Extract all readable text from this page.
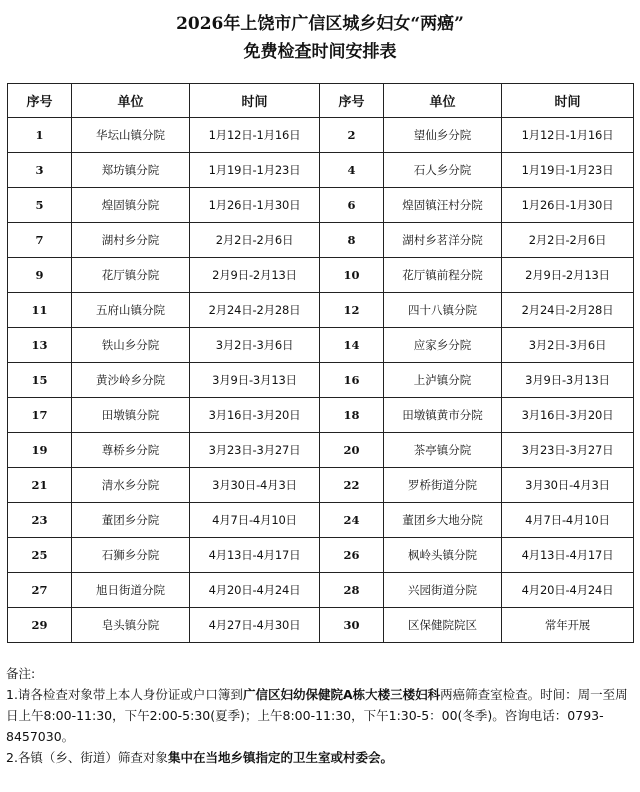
2026年上饶市广信区城乡妇女“两癌”
免费检查时间安排表
序号	单位	时间	序号	单位	时间
1	华坛山镇分院	1月12日-1月16日	2	望仙乡分院	1月12日-1月16日
3	郑坊镇分院	1月19日-1月23日	4	石人乡分院	1月19日-1月23日
5	煌固镇分院	1月26日-1月30日	6	煌固镇汪村分院	1月26日-1月30日
7	湖村乡分院	2月2日-2月6日	8	湖村乡茗洋分院	2月2日-2月6日
9	花厅镇分院	2月9日-2月13日	10	花厅镇前程分院	2月9日-2月13日
11	五府山镇分院	2月24日-2月28日	12	四十八镇分院	2月24日-2月28日
13	铁山乡分院	3月2日-3月6日	14	应家乡分院	3月2日-3月6日
15	黄沙岭乡分院	3月9日-3月13日	16	上泸镇分院	3月9日-3月13日
17	田墩镇分院	3月16日-3月20日	18	田墩镇黄市分院	3月16日-3月20日
19	尊桥乡分院	3月23日-3月27日	20	茶亭镇分院	3月23日-3月27日
21	清水乡分院	3月30日-4月3日	22	罗桥街道分院	3月30日-4月3日
23	董团乡分院	4月7日-4月10日	24	董团乡大地分院	4月7日-4月10日
25	石狮乡分院	4月13日-4月17日	26	枫岭头镇分院	4月13日-4月17日
27	旭日街道分院	4月20日-4月24日	28	兴园街道分院	4月20日-4月24日
29	皂头镇分院	4月27日-4月30日	30	区保健院院区	常年开展
备注:
1.请各检查对象带上本人身份证或户口簿到广信区妇幼保健院A栋大楼三楼妇科两癌筛查室检查。时间：周一至周日上午8:00-11:30，下午2:00-5:30(夏季)；上午8:00-11:30，下午1:30-5：00(冬季)。咨询电话：0793-8457030。
2.各镇（乡、街道）筛查对象集中在当地乡镇指定的卫生室或村委会。
